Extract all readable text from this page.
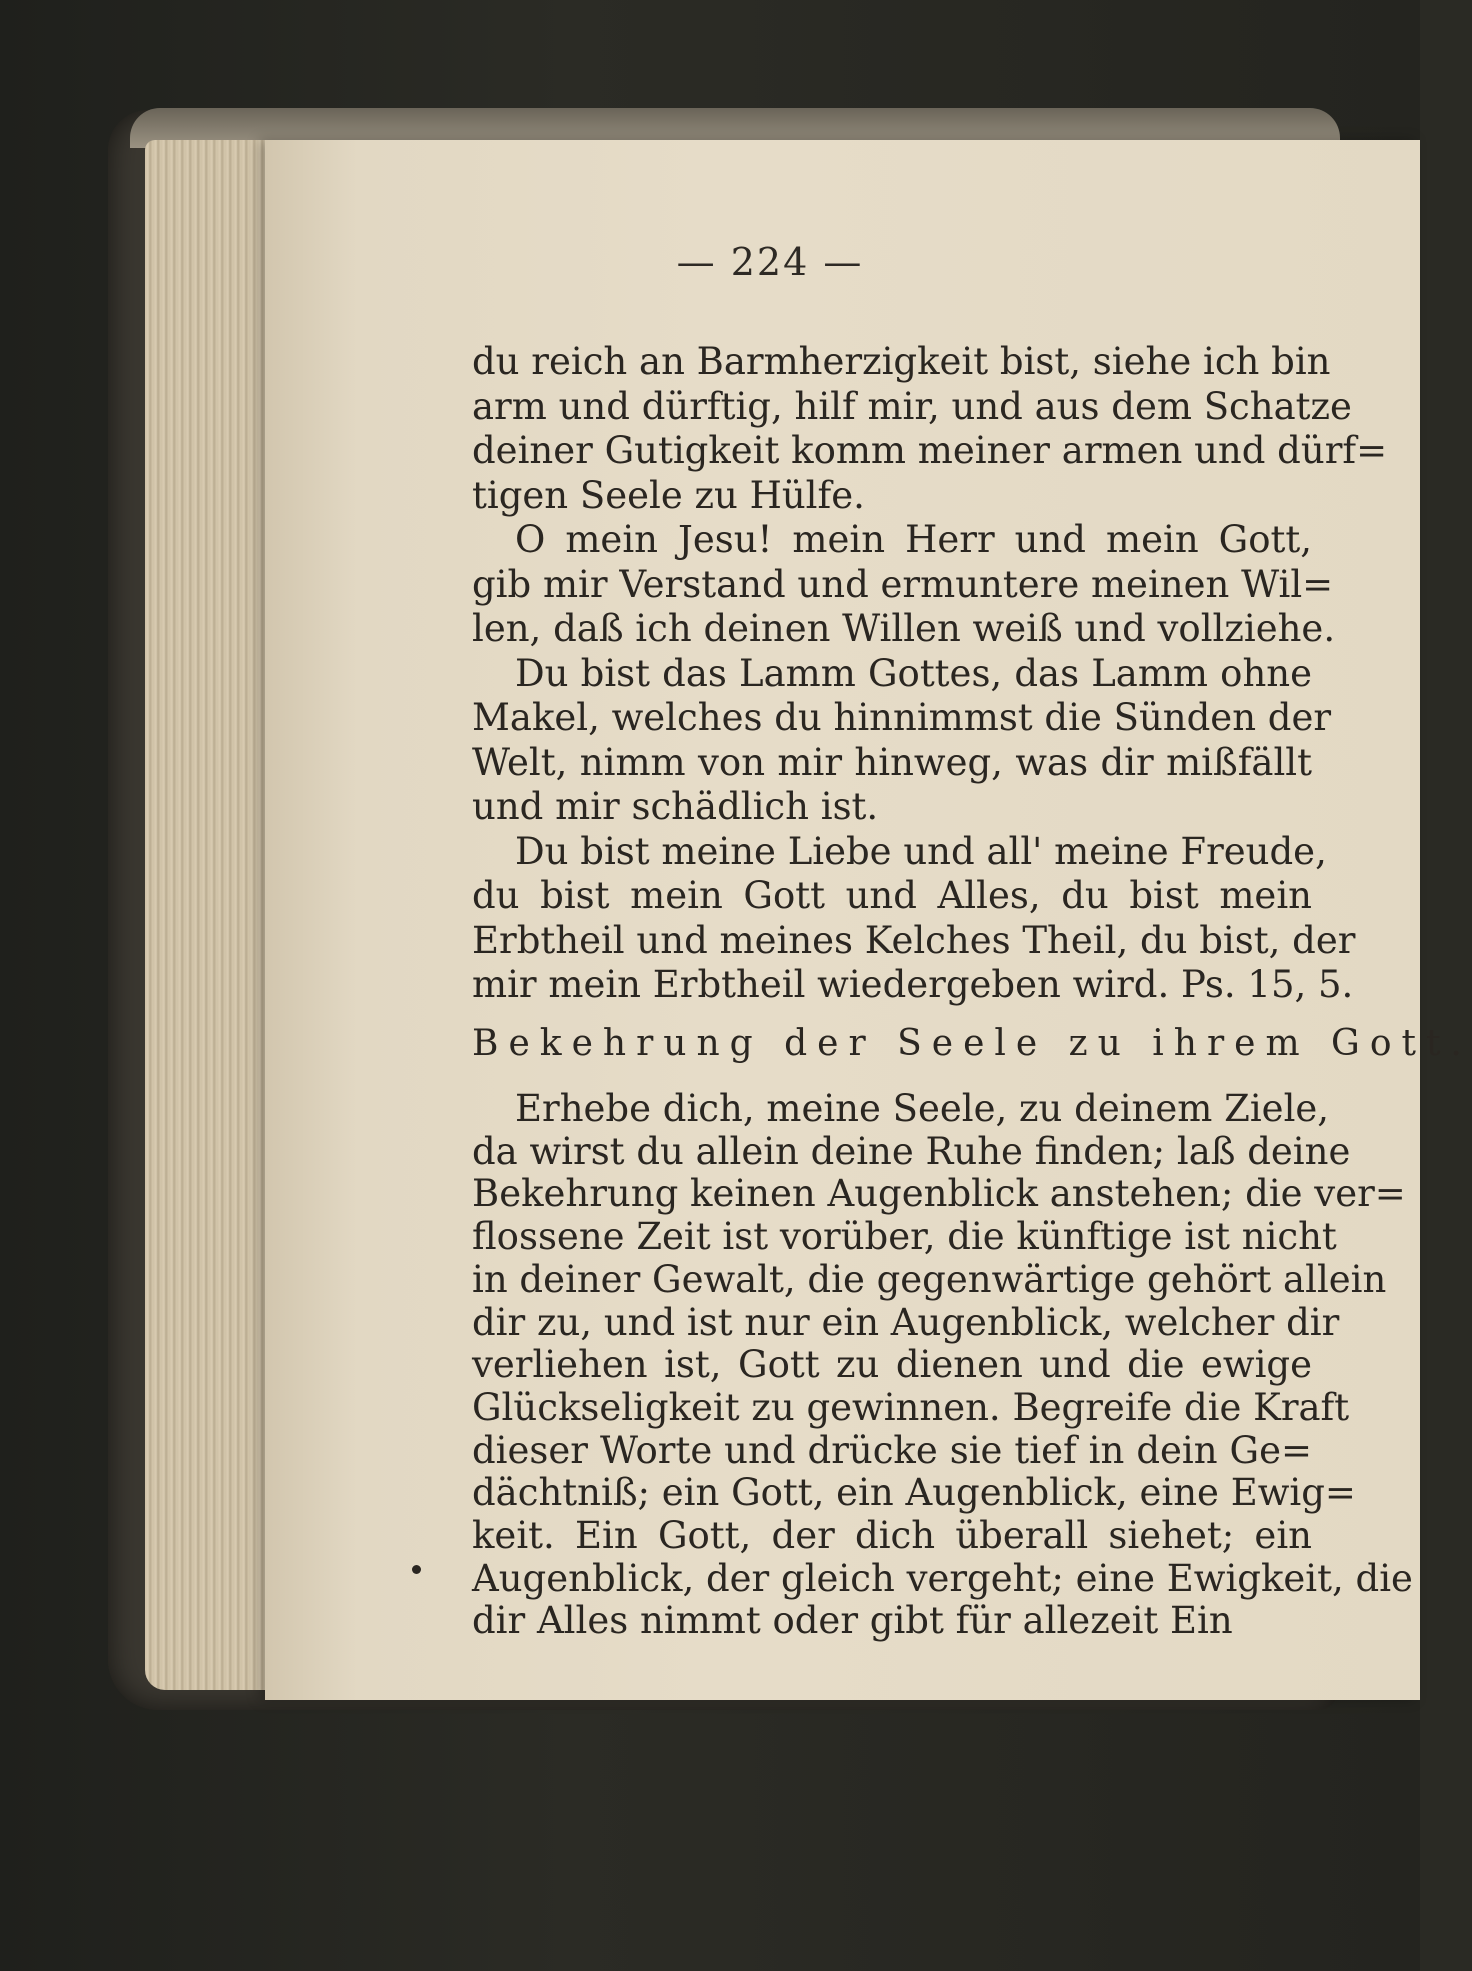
— 224 —
du reich an Barmherzigkeit bist, siehe ich bin
arm und dürftig, hilf mir, und aus dem Schatze
deiner Gutigkeit komm meiner armen und dürf=
tigen Seele zu Hülfe.
O mein Jesu! mein Herr und mein Gott,
gib mir Verstand und ermuntere meinen Wil=
len, daß ich deinen Willen weiß und vollziehe.
Du bist das Lamm Gottes, das Lamm ohne
Makel, welches du hinnimmst die Sünden der
Welt, nimm von mir hinweg, was dir mißfällt
und mir schädlich ist.
Du bist meine Liebe und all' meine Freude,
du bist mein Gott und Alles, du bist mein
Erbtheil und meines Kelches Theil, du bist, der
mir mein Erbtheil wiedergeben wird. Ps. 15, 5.
Bekehrung der Seele zu ihrem Gott.
Erhebe dich, meine Seele, zu deinem Ziele,
da wirst du allein deine Ruhe finden; laß deine
Bekehrung keinen Augenblick anstehen; die ver=
flossene Zeit ist vorüber, die künftige ist nicht
in deiner Gewalt, die gegenwärtige gehört allein
dir zu, und ist nur ein Augenblick, welcher dir
verliehen ist, Gott zu dienen und die ewige
Glückseligkeit zu gewinnen. Begreife die Kraft
dieser Worte und drücke sie tief in dein Ge=
dächtniß; ein Gott, ein Augenblick, eine Ewig=
keit. Ein Gott, der dich überall siehet; ein
Augenblick, der gleich vergeht; eine Ewigkeit, die
dir Alles nimmt oder gibt für allezeit Ein
